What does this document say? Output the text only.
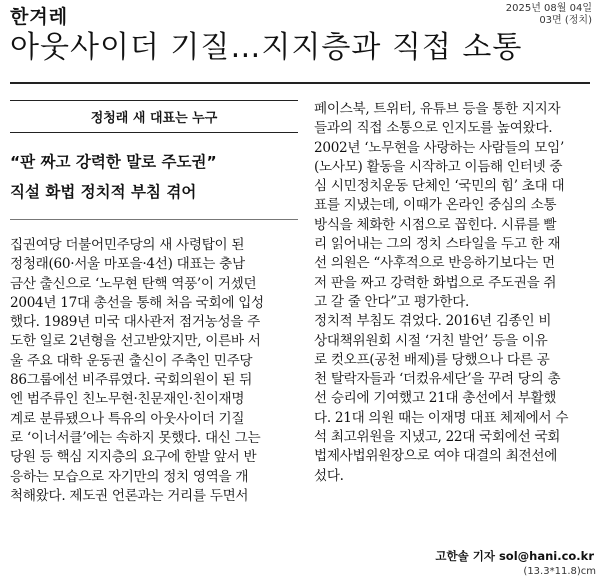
한겨레	2025년 08월 04일
03면 (정치)
아웃사이더 기질…지지층과 직접 소통
정청래 새 대표는 누구
“판 짜고 강력한 말로 주도권”
직설 화법 정치적 부침 겪어
집권여당 더불어민주당의 새 사령탑이 된
정청래(60·서울 마포을·4선) 대표는 충남
금산 출신으로 ‘노무현 탄핵 역풍’이 거셌던
2004년 17대 총선을 통해 처음 국회에 입성
했다. 1989년 미국 대사관저 점거농성을 주
도한 일로 2년형을 선고받았지만, 이른바 서
울 주요 대학 운동권 출신이 주축인 민주당
86그룹에선 비주류였다. 국회의원이 된 뒤
엔 범주류인 친노무현·친문재인·친이재명
계로 분류됐으나 특유의 아웃사이더 기질
로 ‘이너서클’에는 속하지 못했다. 대신 그는
당원 등 핵심 지지층의 요구에 한발 앞서 반
응하는 모습으로 자기만의 정치 영역을 개
척해왔다. 제도권 언론과는 거리를 두면서
페이스북, 트위터, 유튜브 등을 통한 지지자
들과의 직접 소통으로 인지도를 높여왔다.
2002년 ‘노무현을 사랑하는 사람들의 모임’
(노사모) 활동을 시작하고 이듬해 인터넷 중
심 시민정치운동 단체인 ‘국민의 힘’ 초대 대
표를 지냈는데, 이때가 온라인 중심의 소통
방식을 체화한 시점으로 꼽힌다. 시류를 빨
리 읽어내는 그의 정치 스타일을 두고 한 재
선 의원은 “사후적으로 반응하기보다는 먼
저 판을 짜고 강력한 화법으로 주도권을 쥐
고 갈 줄 안다”고 평가한다.
정치적 부침도 겪었다. 2016년 김종인 비
상대책위원회 시절 ‘거친 발언’ 등을 이유
로 컷오프(공천 배제)를 당했으나 다른 공
천 탈락자들과 ‘더컸유세단’을 꾸려 당의 총
선 승리에 기여했고 21대 총선에서 부활했
다. 21대 의원 때는 이재명 대표 체제에서 수
석 최고위원을 지냈고, 22대 국회에선 국회
법제사법위원장으로 여야 대결의 최전선에
섰다.
고한솔 기자 sol@hani.co.kr
(13.3*11.8)cm
